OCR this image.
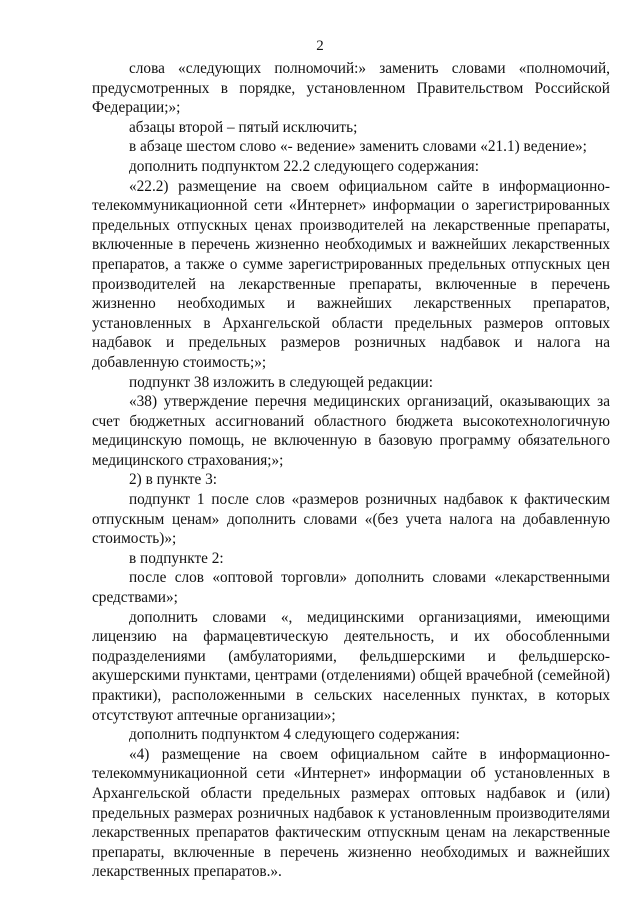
2

слова «следующих полномочий:» заменить словами «полномочий, предусмотренных в порядке, установленном Правительством Российской Федерации;»;

абзацы второй – пятый исключить;

в абзаце шестом слово «- ведение» заменить словами «21.1) ведение»;

дополнить подпунктом 22.2 следующего содержания:

«22.2) размещение на своем официальном сайте в информационно-телекоммуникационной сети «Интернет» информации о зарегистрированных предельных отпускных ценах производителей на лекарственные препараты, включенные в перечень жизненно необходимых и важнейших лекарственных препаратов, а также о сумме зарегистрированных предельных отпускных цен производителей на лекарственные препараты, включенные в перечень жизненно необходимых и важнейших лекарственных препаратов, установленных в Архангельской области предельных размеров оптовых надбавок и предельных размеров розничных надбавок и налога на добавленную стоимость;»;

подпункт 38 изложить в следующей редакции:

«38) утверждение перечня медицинских организаций, оказывающих за счет бюджетных ассигнований областного бюджета высокотехнологичную медицинскую помощь, не включенную в базовую программу обязательного медицинского страхования;»;

2) в пункте 3:

подпункт 1 после слов «размеров розничных надбавок к фактическим отпускным ценам» дополнить словами «(без учета налога на добавленную стоимость)»;

в подпункте 2:

после слов «оптовой торговли» дополнить словами «лекарственными средствами»;

дополнить словами «, медицинскими организациями, имеющими лицензию на фармацевтическую деятельность, и их обособленными подразделениями (амбулаториями, фельдшерскими и фельдшерско-акушерскими пунктами, центрами (отделениями) общей врачебной (семейной) практики), расположенными в сельских населенных пунктах, в которых отсутствуют аптечные организации»;

дополнить подпунктом 4 следующего содержания:

«4) размещение на своем официальном сайте в информационно-телекоммуникационной сети «Интернет» информации об установленных в Архангельской области предельных размерах оптовых надбавок и (или) предельных размерах розничных надбавок к установленным производителями лекарственных препаратов фактическим отпускным ценам на лекарственные препараты, включенные в перечень жизненно необходимых и важнейших лекарственных препаратов.».
